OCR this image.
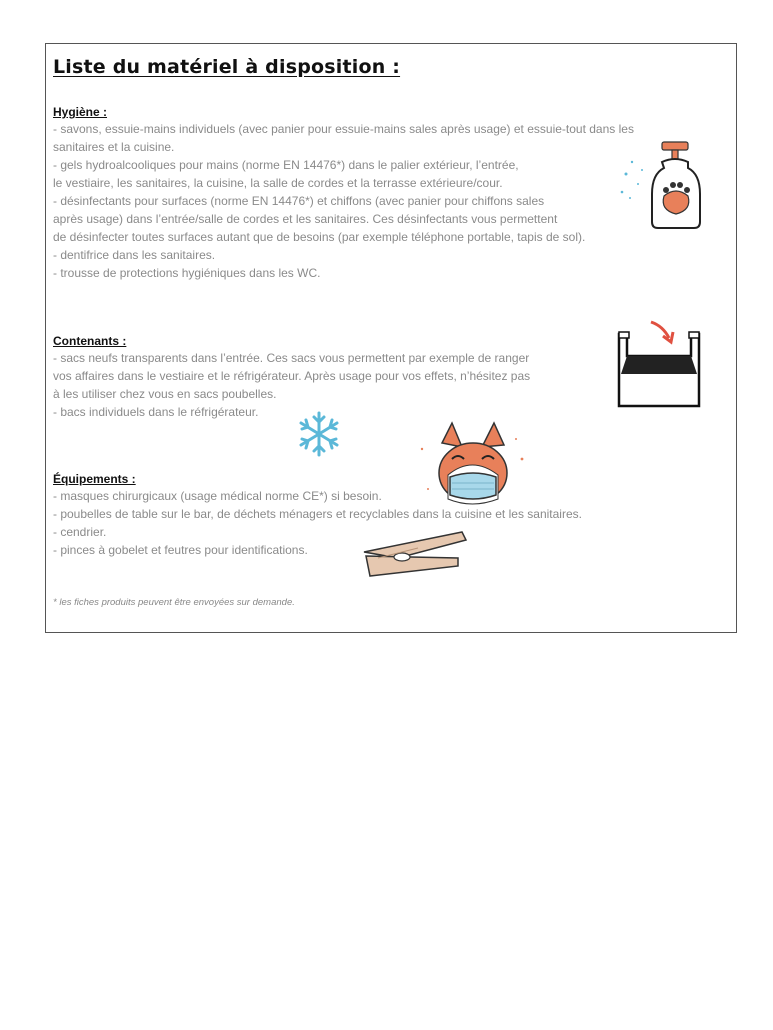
Liste du matériel à disposition :
Hygiène :
- savons, essuie-mains individuels (avec panier pour essuie-mains sales après usage) et essuie-tout dans les
sanitaires et la cuisine.
- gels hydroalcooliques pour mains (norme EN 14476*) dans le palier extérieur, l’entrée,
le vestiaire, les sanitaires, la cuisine, la salle de cordes et la terrasse extérieure/cour.
- désinfectants pour surfaces (norme EN 14476*) et chiffons (avec panier pour chiffons sales
après usage) dans l’entrée/salle de cordes et les sanitaires. Ces désinfectants vous permettent
de désinfecter toutes surfaces autant que de besoins (par exemple téléphone portable, tapis de sol).
- dentifrice dans les sanitaires.
- trousse de protections hygiéniques dans les WC.
Contenants :
- sacs neufs transparents dans l’entrée. Ces sacs vous permettent par exemple de ranger
vos affaires dans le vestiaire et le réfrigérateur. Après usage pour vos effets, n’hésitez pas
à les utiliser chez vous en sacs poubelles.
- bacs individuels dans le réfrigérateur.
Équipements :
- masques chirurgicaux (usage médical norme CE*) si besoin.
- poubelles de table sur le bar, de déchets ménagers et recyclables dans la cuisine et les sanitaires.
- cendrier.
- pinces à gobelet et feutres pour identifications.
* les fiches produits peuvent être envoyées sur demande.
